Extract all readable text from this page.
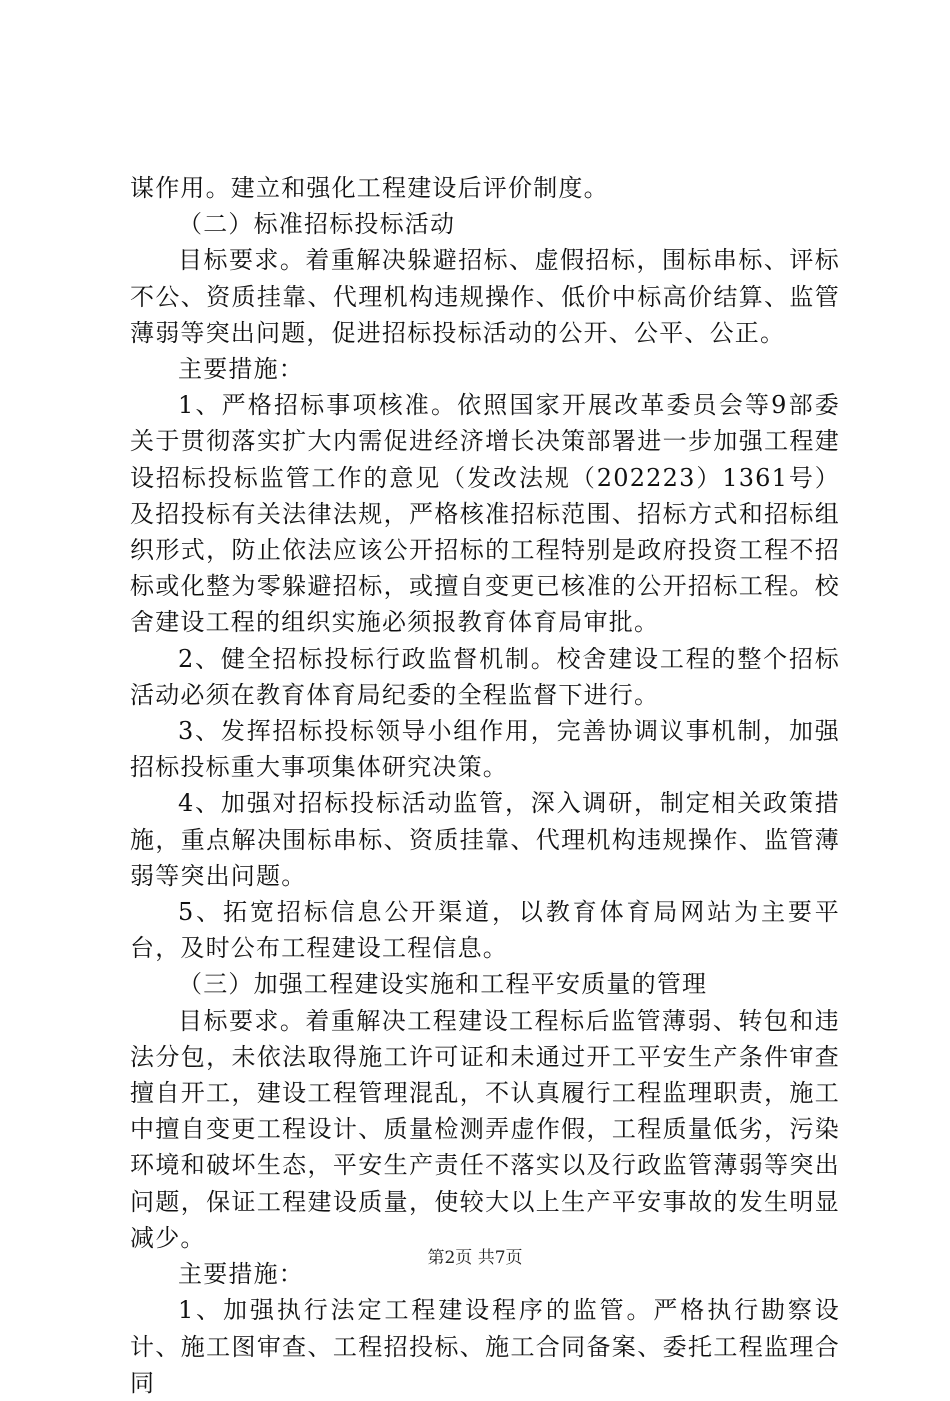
谋作用。建立和强化工程建设后评价制度。

（二）标准招标投标活动

目标要求。着重解决躲避招标、虚假招标，围标串标、评标不公、资质挂靠、代理机构违规操作、低价中标高价结算、监管薄弱等突出问题，促进招标投标活动的公开、公平、公正。

主要措施：

1、严格招标事项核准。依照国家开展改革委员会等9部委关于贯彻落实扩大内需促进经济增长决策部署进一步加强工程建设招标投标监管工作的意见（发改法规（202223）1361号）及招投标有关法律法规，严格核准招标范围、招标方式和招标组织形式，防止依法应该公开招标的工程特别是政府投资工程不招标或化整为零躲避招标，或擅自变更已核准的公开招标工程。校舍建设工程的组织实施必须报教育体育局审批。

2、健全招标投标行政监督机制。校舍建设工程的整个招标活动必须在教育体育局纪委的全程监督下进行。

3、发挥招标投标领导小组作用，完善协调议事机制，加强招标投标重大事项集体研究决策。

4、加强对招标投标活动监管，深入调研，制定相关政策措施，重点解决围标串标、资质挂靠、代理机构违规操作、监管薄弱等突出问题。

5、拓宽招标信息公开渠道，以教育体育局网站为主要平台，及时公布工程建设工程信息。

（三）加强工程建设实施和工程平安质量的管理

目标要求。着重解决工程建设工程标后监管薄弱、转包和违法分包，未依法取得施工许可证和未通过开工平安生产条件审查擅自开工，建设工程管理混乱，不认真履行工程监理职责，施工中擅自变更工程设计、质量检测弄虚作假，工程质量低劣，污染环境和破坏生态，平安生产责任不落实以及行政监管薄弱等突出问题，保证工程建设质量，使较大以上生产平安事故的发生明显减少。

主要措施：

1、加强执行法定工程建设程序的监管。严格执行勘察设计、施工图审查、工程招投标、施工合同备案、委托工程监理合同

第2页 共7页
